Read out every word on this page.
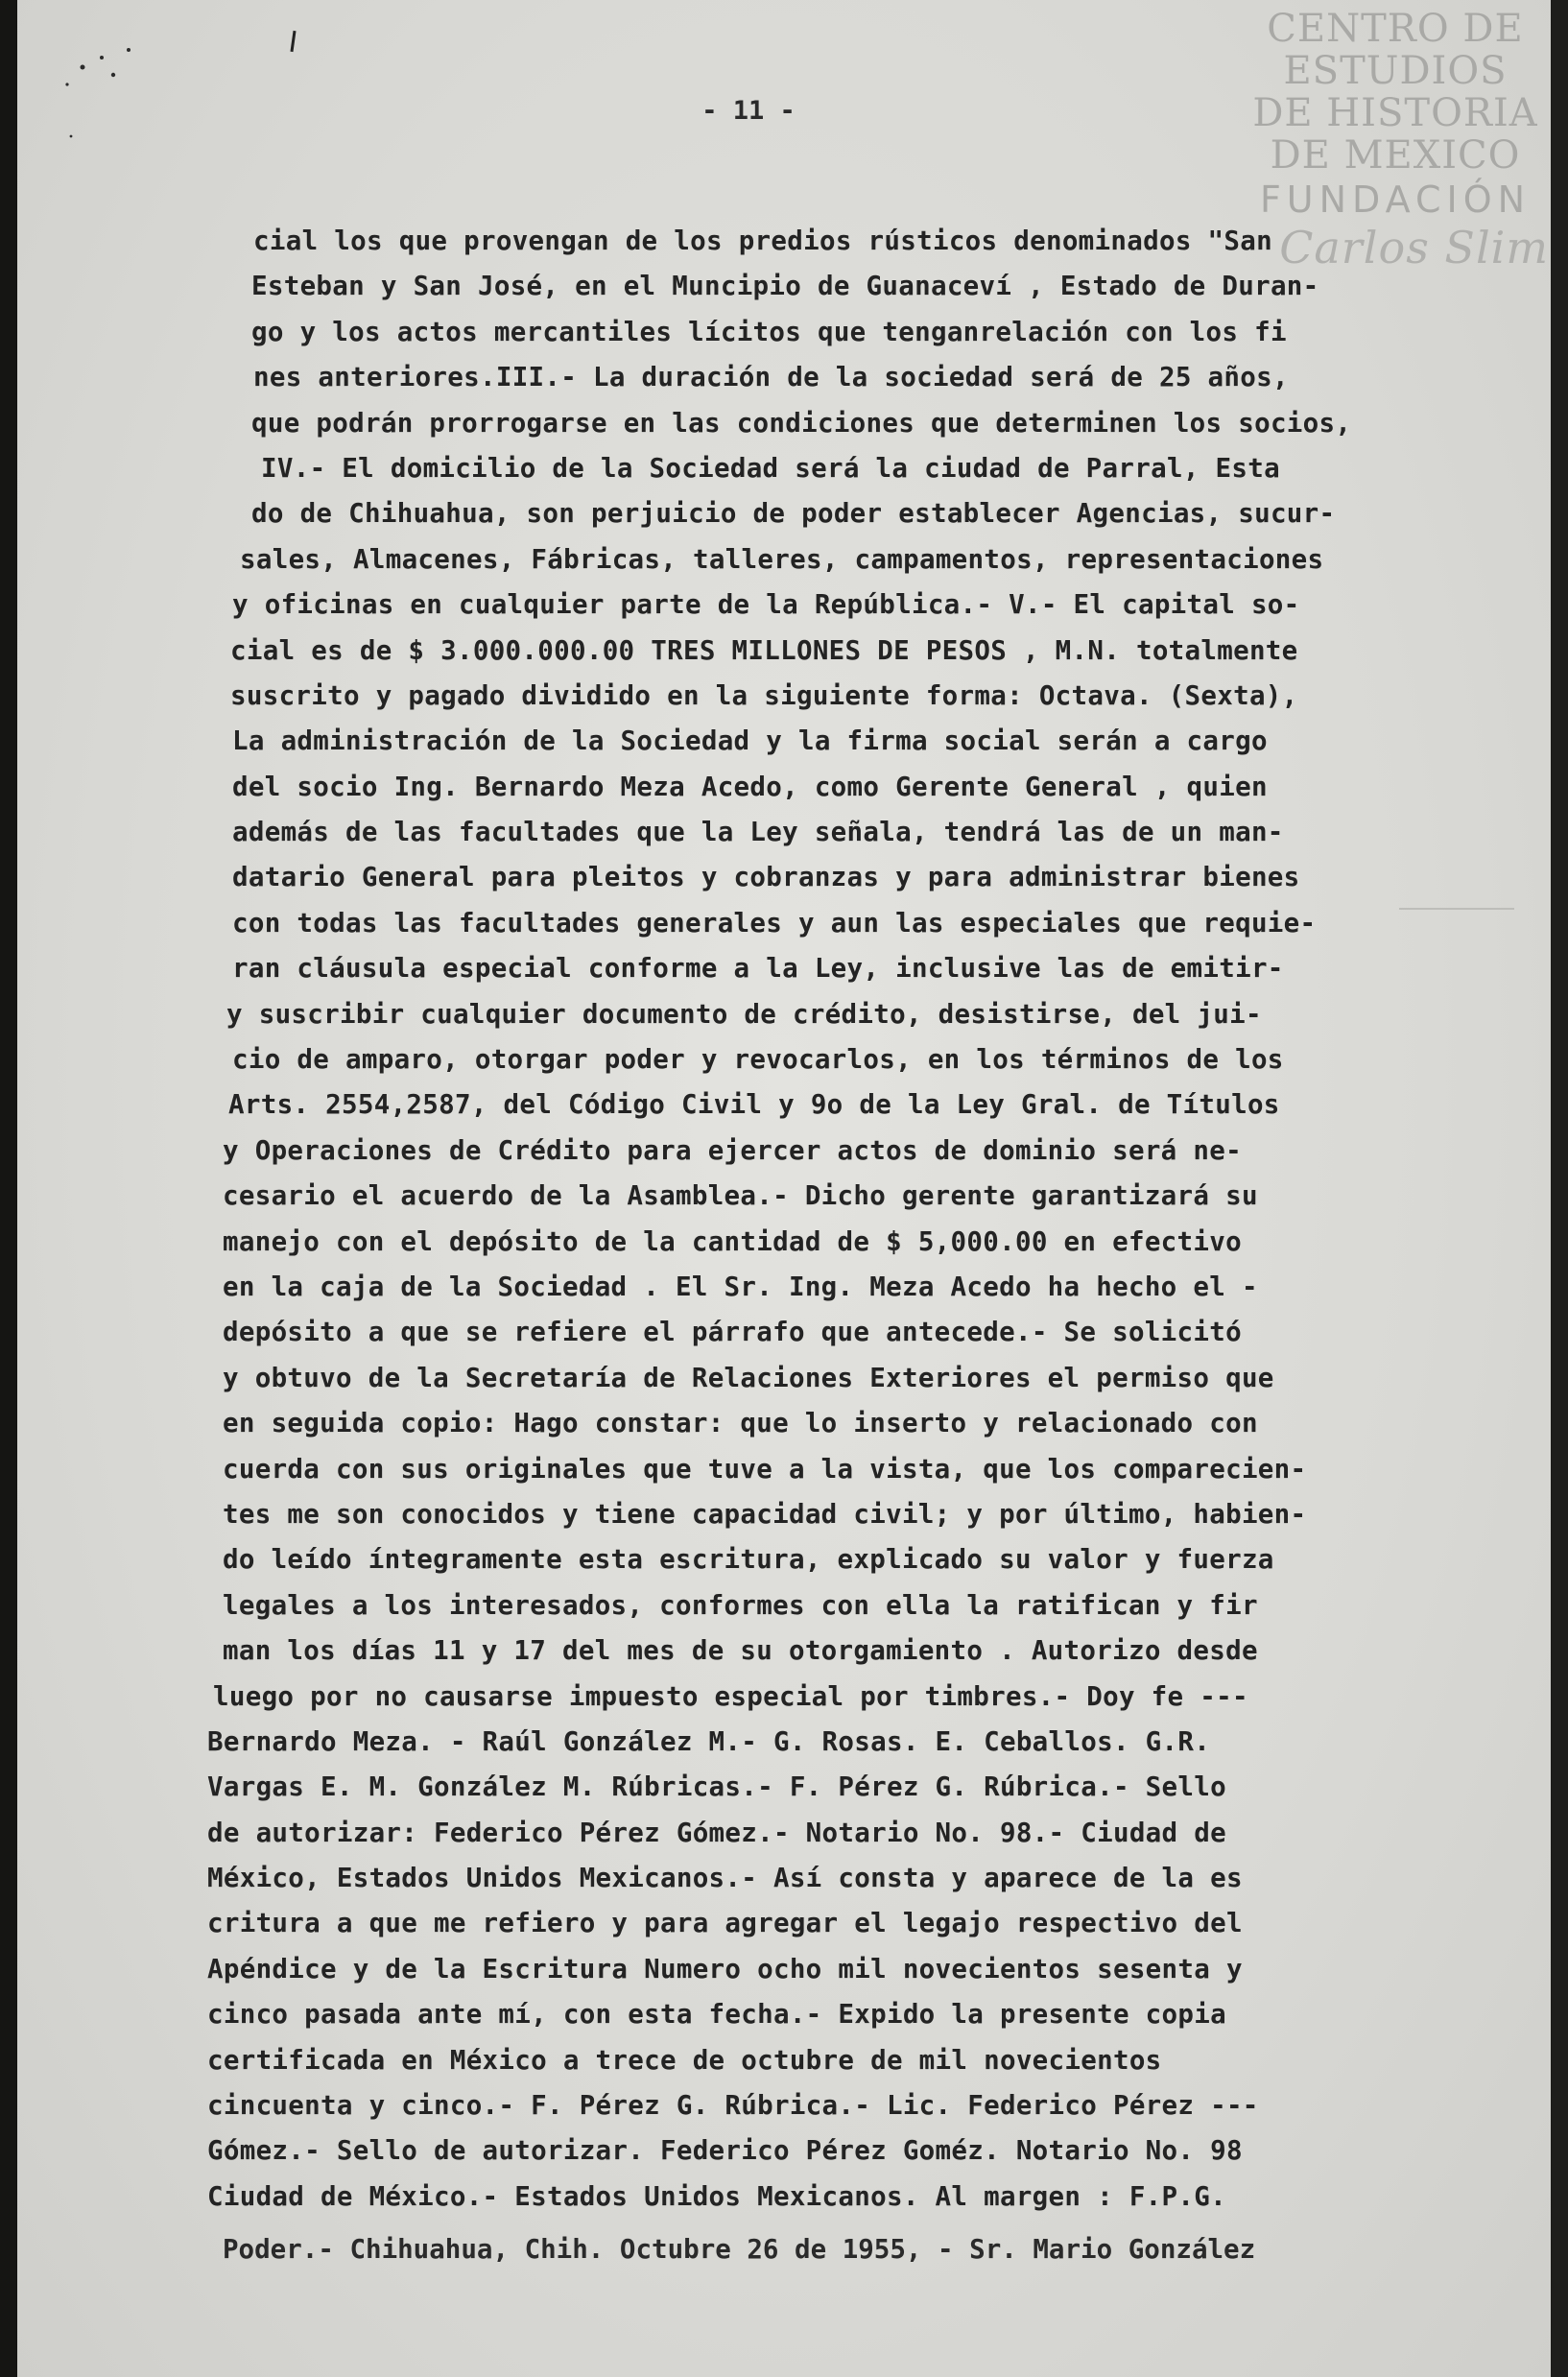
CENTRO DE
ESTUDIOS
DE HISTORIA
DE MEXICO
FUNDACIÓN
Carlos Slim
- 11 -
cial los que provengan de los predios rústicos denominados "San
Esteban y San José, en el Muncipio de Guanaceví , Estado de Duran-
go y los actos mercantiles lícitos que tenganrelación con los fi
nes anteriores.III.- La duración de la sociedad será de 25 años,
que podrán prorrogarse en las condiciones que determinen los socios,
IV.- El domicilio de la Sociedad será la ciudad de Parral, Esta
do de Chihuahua, son perjuicio de poder establecer Agencias, sucur-
sales, Almacenes, Fábricas, talleres, campamentos, representaciones
y oficinas en cualquier parte de la República.- V.- El capital so-
cial es de $ 3.000.000.00 TRES MILLONES DE PESOS , M.N. totalmente
suscrito y pagado dividido en la siguiente forma: Octava. (Sexta),
La administración de la Sociedad y la firma social serán a cargo
del socio Ing. Bernardo Meza Acedo, como Gerente General , quien
además de las facultades que la Ley señala, tendrá las de un man-
datario General para pleitos y cobranzas y para administrar bienes
con todas las facultades generales y aun las especiales que requie-
ran cláusula especial conforme a la Ley, inclusive las de emitir-
y suscribir cualquier documento de crédito, desistirse, del jui-
cio de amparo, otorgar poder y revocarlos, en los términos de los
Arts. 2554,2587, del Código Civil y 9o de la Ley Gral. de Títulos
y Operaciones de Crédito para ejercer actos de dominio será ne-
cesario el acuerdo de la Asamblea.- Dicho gerente garantizará su
manejo con el depósito de la cantidad de $ 5,000.00 en efectivo
en la caja de la Sociedad . El Sr. Ing. Meza Acedo ha hecho el -
depósito a que se refiere el párrafo que antecede.- Se solicitó
y obtuvo de la Secretaría de Relaciones Exteriores el permiso que
en seguida copio: Hago constar: que lo inserto y relacionado con
cuerda con sus originales que tuve a la vista, que los comparecien-
tes me son conocidos y tiene capacidad civil; y por último, habien-
do leído íntegramente esta escritura, explicado su valor y fuerza
legales a los interesados, conformes con ella la ratifican y fir
man los días 11 y 17 del mes de su otorgamiento . Autorizo desde
luego por no causarse impuesto especial por timbres.- Doy fe ---
Bernardo Meza. - Raúl González M.- G. Rosas. E. Ceballos. G.R.
Vargas E. M. González M. Rúbricas.- F. Pérez G. Rúbrica.- Sello
de autorizar: Federico Pérez Gómez.- Notario No. 98.- Ciudad de
México, Estados Unidos Mexicanos.- Así consta y aparece de la es
critura a que me refiero y para agregar el legajo respectivo del
Apéndice y de la Escritura Numero ocho mil novecientos sesenta y
cinco pasada ante mí, con esta fecha.- Expido la presente copia
certificada en México a trece de octubre de mil novecientos
cincuenta y cinco.- F. Pérez G. Rúbrica.- Lic. Federico Pérez ---
Gómez.- Sello de autorizar. Federico Pérez Goméz. Notario No. 98
Ciudad de México.- Estados Unidos Mexicanos. Al margen : F.P.G.
Poder.- Chihuahua, Chih. Octubre 26 de 1955, - Sr. Mario González
